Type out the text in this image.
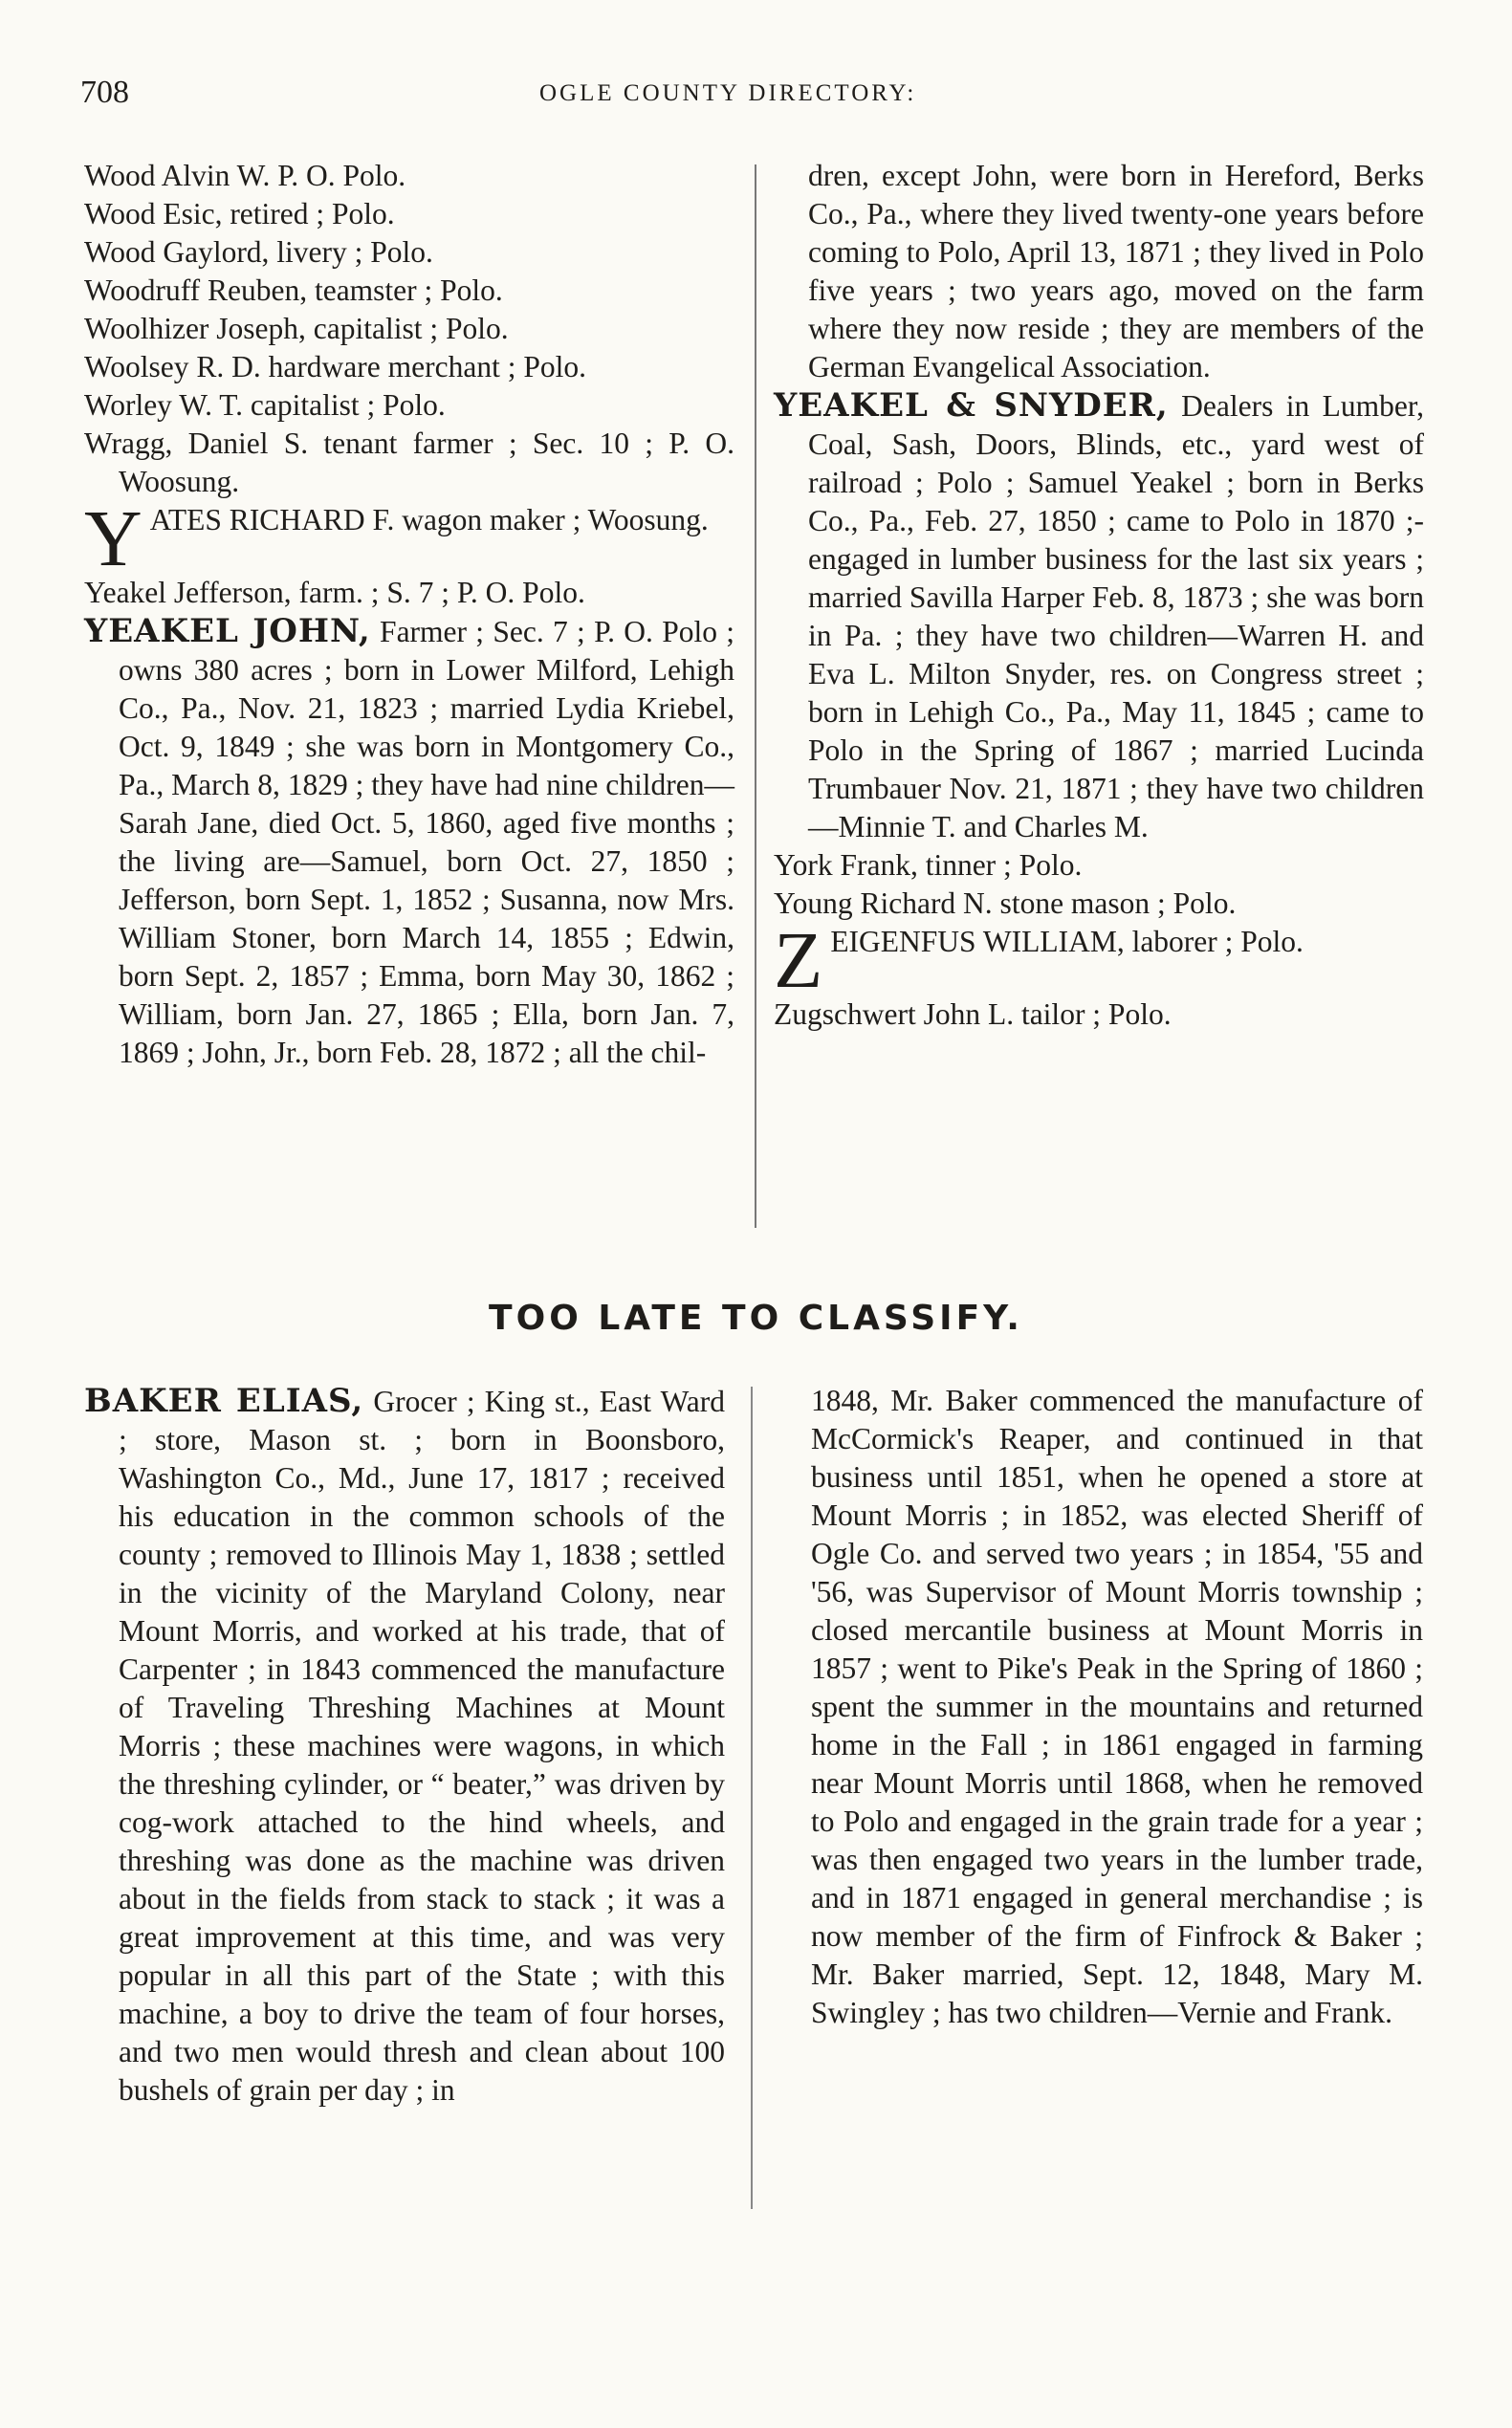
708	OGLE COUNTY DIRECTORY:

Wood Alvin W. P. O. Polo.

Wood Esic, retired ; Polo.

Wood Gaylord, livery ; Polo.

Woodruff Reuben, teamster ; Polo.

Woolhizer Joseph, capitalist ; Polo.

Woolsey R. D. hardware merchant ; Polo.

Worley W. T. capitalist ; Polo.

Wragg, Daniel S. tenant farmer ; Sec. 10 ; P. O. Woosung.

YATES RICHARD F. wagon maker ; Woosung.

Yeakel Jefferson, farm. ; S. 7 ; P. O. Polo.

YEAKEL JOHN, Farmer ; Sec. 7 ; P. O. Polo ; owns 380 acres ; born in Lower Milford, Lehigh Co., Pa., Nov. 21, 1823 ; married Lydia Kriebel, Oct. 9, 1849 ; she was born in Montgomery Co., Pa., March 8, 1829 ; they have had nine children—Sarah Jane, died Oct. 5, 1860, aged five months ; the living are—Samuel, born Oct. 27, 1850 ; Jefferson, born Sept. 1, 1852 ; Susanna, now Mrs. William Stoner, born March 14, 1855 ; Edwin, born Sept. 2, 1857 ; Emma, born May 30, 1862 ; William, born Jan. 27, 1865 ; Ella, born Jan. 7, 1869 ; John, Jr., born Feb. 28, 1872 ; all the chil-

dren, except John, were born in Hereford, Berks Co., Pa., where they lived twenty-one years before coming to Polo, April 13, 1871 ; they lived in Polo five years ; two years ago, moved on the farm where they now reside ; they are members of the German Evangelical Association.

YEAKEL & SNYDER, Dealers in Lumber, Coal, Sash, Doors, Blinds, etc., yard west of railroad ; Polo ; Samuel Yeakel ; born in Berks Co., Pa., Feb. 27, 1850 ; came to Polo in 1870 ;- engaged in lumber business for the last six years ; married Savilla Harper Feb. 8, 1873 ; she was born in Pa. ; they have two children—Warren H. and Eva L. Milton Snyder, res. on Congress street ; born in Lehigh Co., Pa., May 11, 1845 ; came to Polo in the Spring of 1867 ; married Lucinda Trumbauer Nov. 21, 1871 ; they have two children—Minnie T. and Charles M.

York Frank, tinner ; Polo.

Young Richard N. stone mason ; Polo.

ZEIGENFUS WILLIAM, laborer ; Polo.

Zugschwert John L. tailor ; Polo.

TOO LATE TO CLASSIFY.

BAKER ELIAS, Grocer ; King st., East Ward ; store, Mason st. ; born in Boonsboro, Washington Co., Md., June 17, 1817 ; received his education in the common schools of the county ; removed to Illinois May 1, 1838 ; settled in the vicinity of the Maryland Colony, near Mount Morris, and worked at his trade, that of Carpenter ; in 1843 commenced the manufacture of Traveling Threshing Machines at Mount Morris ; these machines were wagons, in which the threshing cylinder, or “ beater,” was driven by cog-work attached to the hind wheels, and threshing was done as the machine was driven about in the fields from stack to stack ; it was a great improvement at this time, and was very popular in all this part of the State ; with this machine, a boy to drive the team of four horses, and two men would thresh and clean about 100 bushels of grain per day ; in

1848, Mr. Baker commenced the manufacture of McCormick's Reaper, and continued in that business until 1851, when he opened a store at Mount Morris ; in 1852, was elected Sheriff of Ogle Co. and served two years ; in 1854, '55 and '56, was Supervisor of Mount Morris township ; closed mercantile business at Mount Morris in 1857 ; went to Pike's Peak in the Spring of 1860 ; spent the summer in the mountains and returned home in the Fall ; in 1861 engaged in farming near Mount Morris until 1868, when he removed to Polo and engaged in the grain trade for a year ; was then engaged two years in the lumber trade, and in 1871 engaged in general merchandise ; is now member of the firm of Finfrock & Baker ; Mr. Baker married, Sept. 12, 1848, Mary M. Swingley ; has two children—Vernie and Frank.
